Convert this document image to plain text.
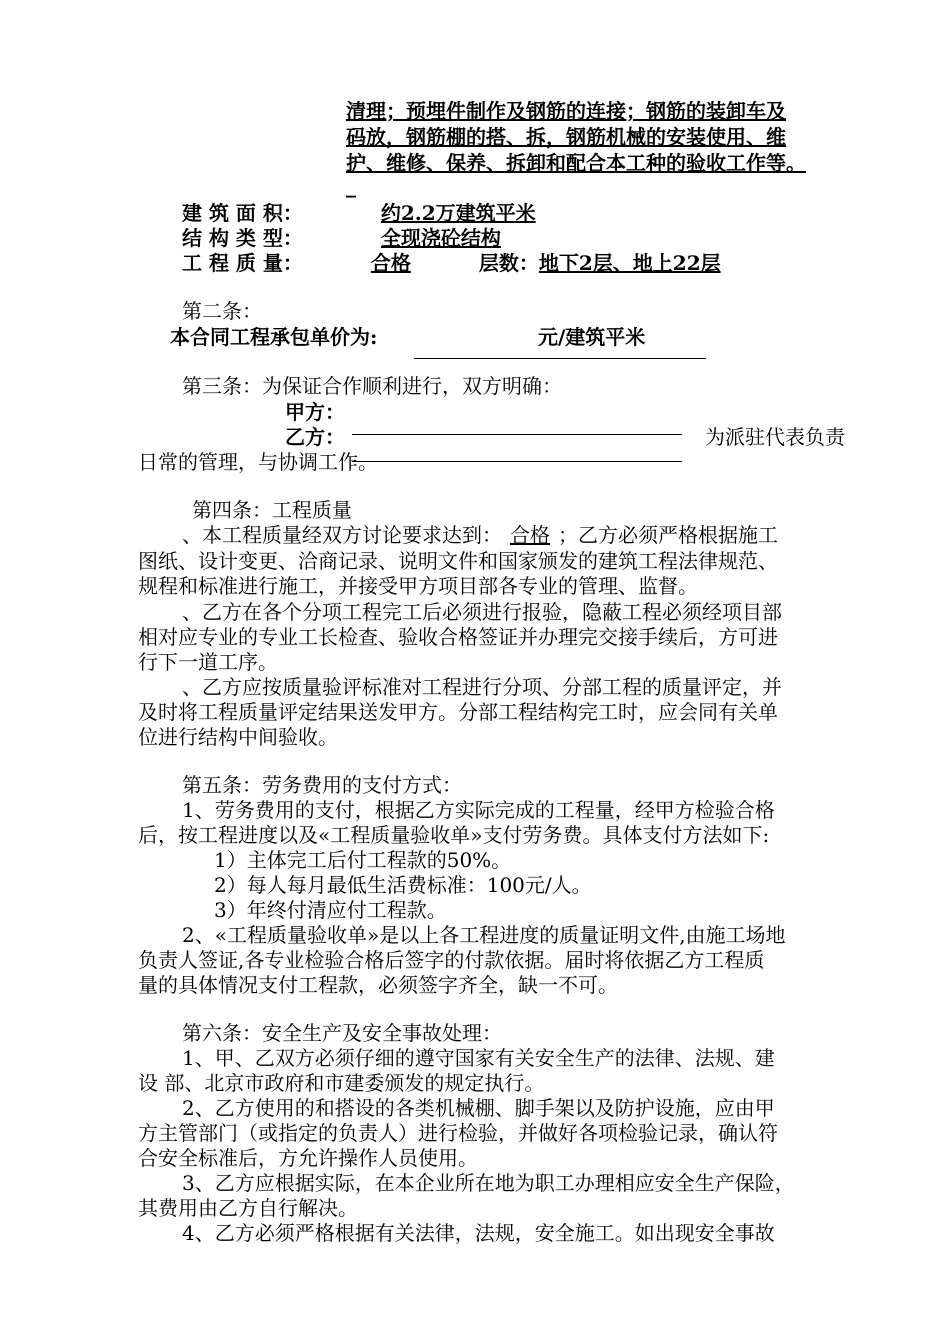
清理；预埋件制作及钢筋的连接；钢筋的装卸车及
码放，钢筋棚的搭、拆，钢筋机械的安装使用、维
护、维修、保养、拆卸和配合本工种的验收工作等。
_
建 筑 面 积：	约2.2万建筑平米
结 构 类 型：	全现浇砼结构
工 程 质 量：	合格	层数：地下2层、地上22层
第二条：
本合同工程承包单价为:	元/建筑平米
第三条：为保证合作顺利进行，双方明确：
甲方：
乙方：	为派驻代表负责
日常的管理，与协调工作。
第四条：工程质量
、本工程质量经双方讨论要求达到： 合格 ；乙方必须严格根据施工
图纸、设计变更、洽商记录、说明文件和国家颁发的建筑工程法律规范、
规程和标准进行施工，并接受甲方项目部各专业的管理、监督。
、乙方在各个分项工程完工后必须进行报验，隐蔽工程必须经项目部
相对应专业的专业工长检查、验收合格签证并办理完交接手续后，方可进
行下一道工序。
、乙方应按质量验评标准对工程进行分项、分部工程的质量评定，并
及时将工程质量评定结果送发甲方。分部工程结构完工时，应会同有关单
位进行结构中间验收。
第五条：劳务费用的支付方式：
1、劳务费用的支付，根据乙方实际完成的工程量，经甲方检验合格
后，按工程进度以及«工程质量验收单»支付劳务费。具体支付方法如下:
1）主体完工后付工程款的50%。
2）每人每月最低生活费标准：100元/人。
3）年终付清应付工程款。
2、«工程质量验收单»是以上各工程进度的质量证明文件,由施工场地
负责人签证,各专业检验合格后签字的付款依据。届时将依据乙方工程质
量的具体情况支付工程款，必须签字齐全，缺一不可。
第六条：安全生产及安全事故处理：
1、甲、乙双方必须仔细的遵守国家有关安全生产的法律、法规、建
设 部、北京市政府和市建委颁发的规定执行。
2、乙方使用的和搭设的各类机械棚、脚手架以及防护设施，应由甲
方主管部门（或指定的负责人）进行检验，并做好各项检验记录，确认符
合安全标准后，方允许操作人员使用。
3、乙方应根据实际，在本企业所在地为职工办理相应安全生产保险，
其费用由乙方自行解决。
4、乙方必须严格根据有关法律，法规，安全施工。如出现安全事故
